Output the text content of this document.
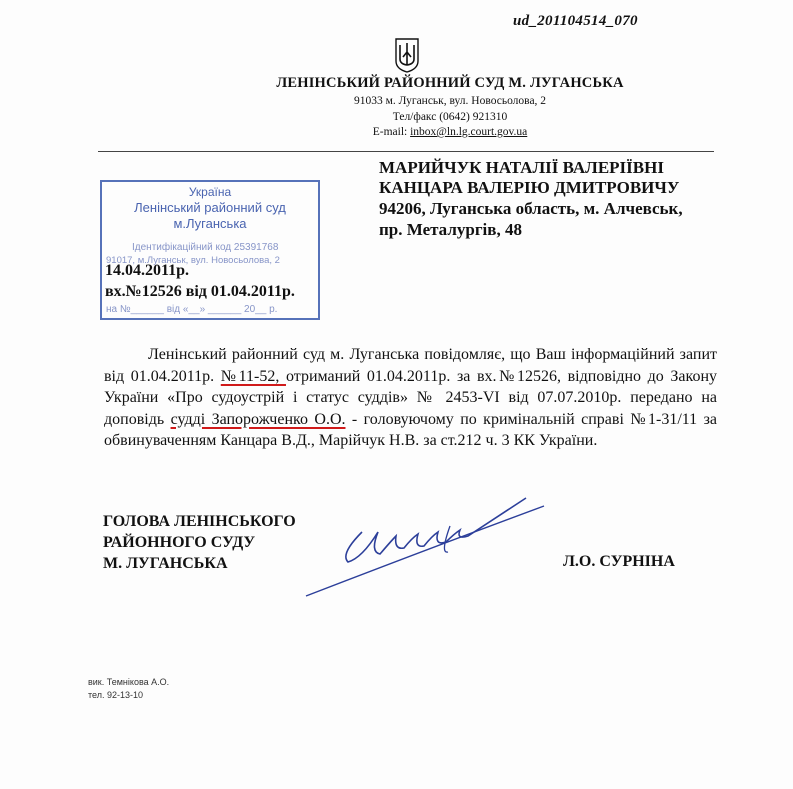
ud_201104514_070
ЛЕНІНСЬКИЙ РАЙОННИЙ СУД М. ЛУГАНСЬКА
91033 м. Луганськ, вул. Новосьолова, 2
Тел/факс (0642) 921310
E-mail: inbox@ln.lg.court.gov.ua
МАРИЙЧУК НАТАЛІЇ ВАЛЕРІЇВНІ
КАНЦАРА ВАЛЕРІЮ ДМИТРОВИЧУ
94206, Луганська область, м. Алчевськ,
пр. Металургів, 48
Україна
Ленінський районний суд
м.Луганська
Ідентифікаційний код 25391768
91017, м.Луганськ, вул. Новосьолова, 2
на №______ від «__» ______ 20__ р.
14.04.2011р.
вх.№12526 від 01.04.2011р.
Ленінський районний суд м. Луганська повідомляє, що Ваш інформаційний запит від 01.04.2011р. №11-52, отриманий 01.04.2011р. за вх.№12526, відповідно до Закону України «Про судоустрій і статус суддів» № 2453-VI від 07.07.2010р. передано на доповідь судді Запорожченко О.О. - головуючому по кримінальній справі №1-31/11 за обвинуваченням Канцара В.Д., Марійчук Н.В. за ст.212 ч. 3 КК України.
ГОЛОВА ЛЕНІНСЬКОГО
РАЙОННОГО СУДУ
М. ЛУГАНСЬКА	Л.О. СУРНІНА
вик. Темнікова А.О.
тел. 92-13-10
